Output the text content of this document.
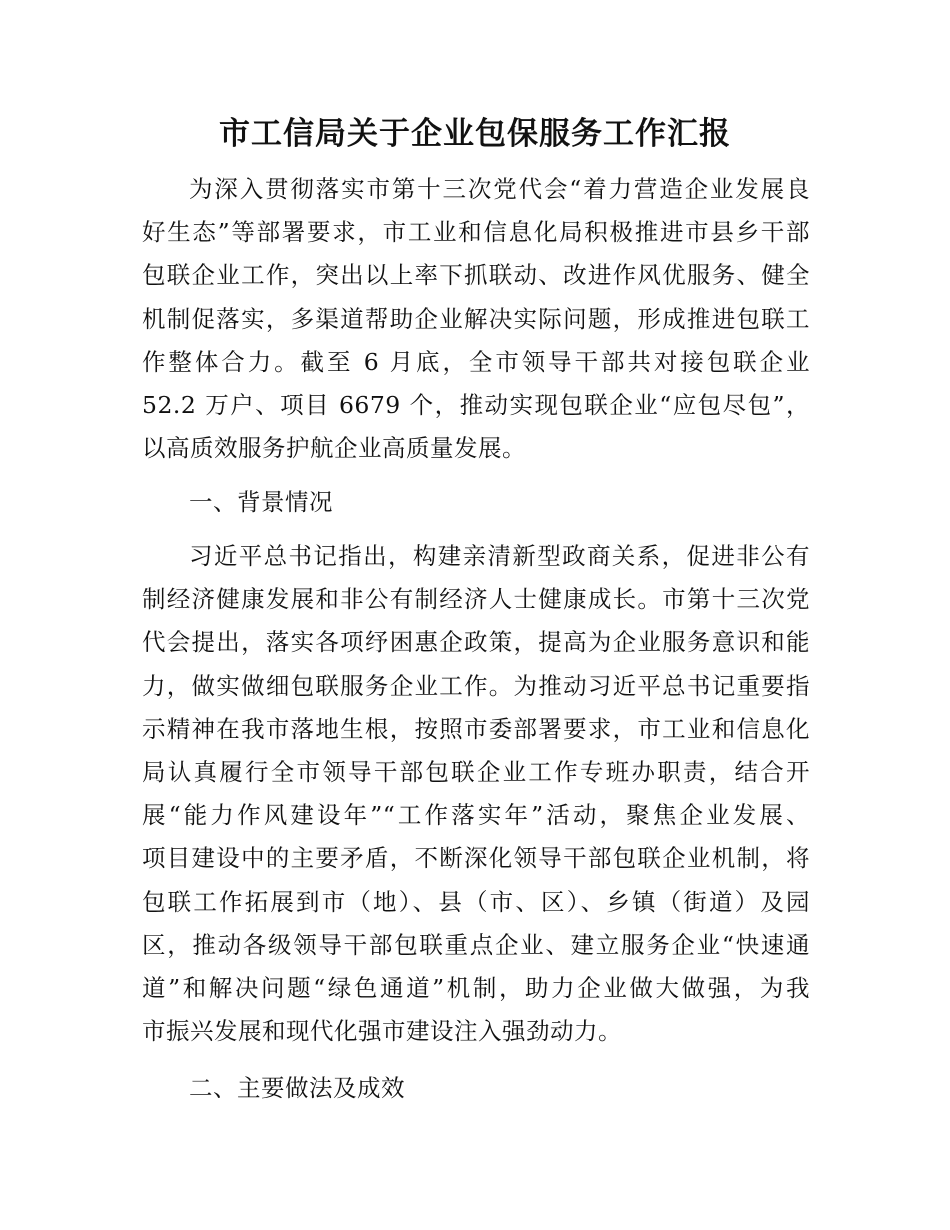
市工信局关于企业包保服务工作汇报
为深入贯彻落实市第十三次党代会“着力营造企业发展良
好生态”等部署要求，市工业和信息化局积极推进市县乡干部
包联企业工作，突出以上率下抓联动、改进作风优服务、健全
机制促落实，多渠道帮助企业解决实际问题，形成推进包联工
作整体合力。截至 6 月底，全市领导干部共对接包联企业
52.2 万户、项目 6679 个，推动实现包联企业“应包尽包”，
以高质效服务护航企业高质量发展。
一、背景情况
习近平总书记指出，构建亲清新型政商关系，促进非公有
制经济健康发展和非公有制经济人士健康成长。市第十三次党
代会提出，落实各项纾困惠企政策，提高为企业服务意识和能
力，做实做细包联服务企业工作。为推动习近平总书记重要指
示精神在我市落地生根，按照市委部署要求，市工业和信息化
局认真履行全市领导干部包联企业工作专班办职责，结合开
展“能力作风建设年”“工作落实年”活动，聚焦企业发展、
项目建设中的主要矛盾，不断深化领导干部包联企业机制，将
包联工作拓展到市（地）、县（市、区）、乡镇（街道）及园
区，推动各级领导干部包联重点企业、建立服务企业“快速通
道”和解决问题“绿色通道”机制，助力企业做大做强，为我
市振兴发展和现代化强市建设注入强劲动力。
二、主要做法及成效
